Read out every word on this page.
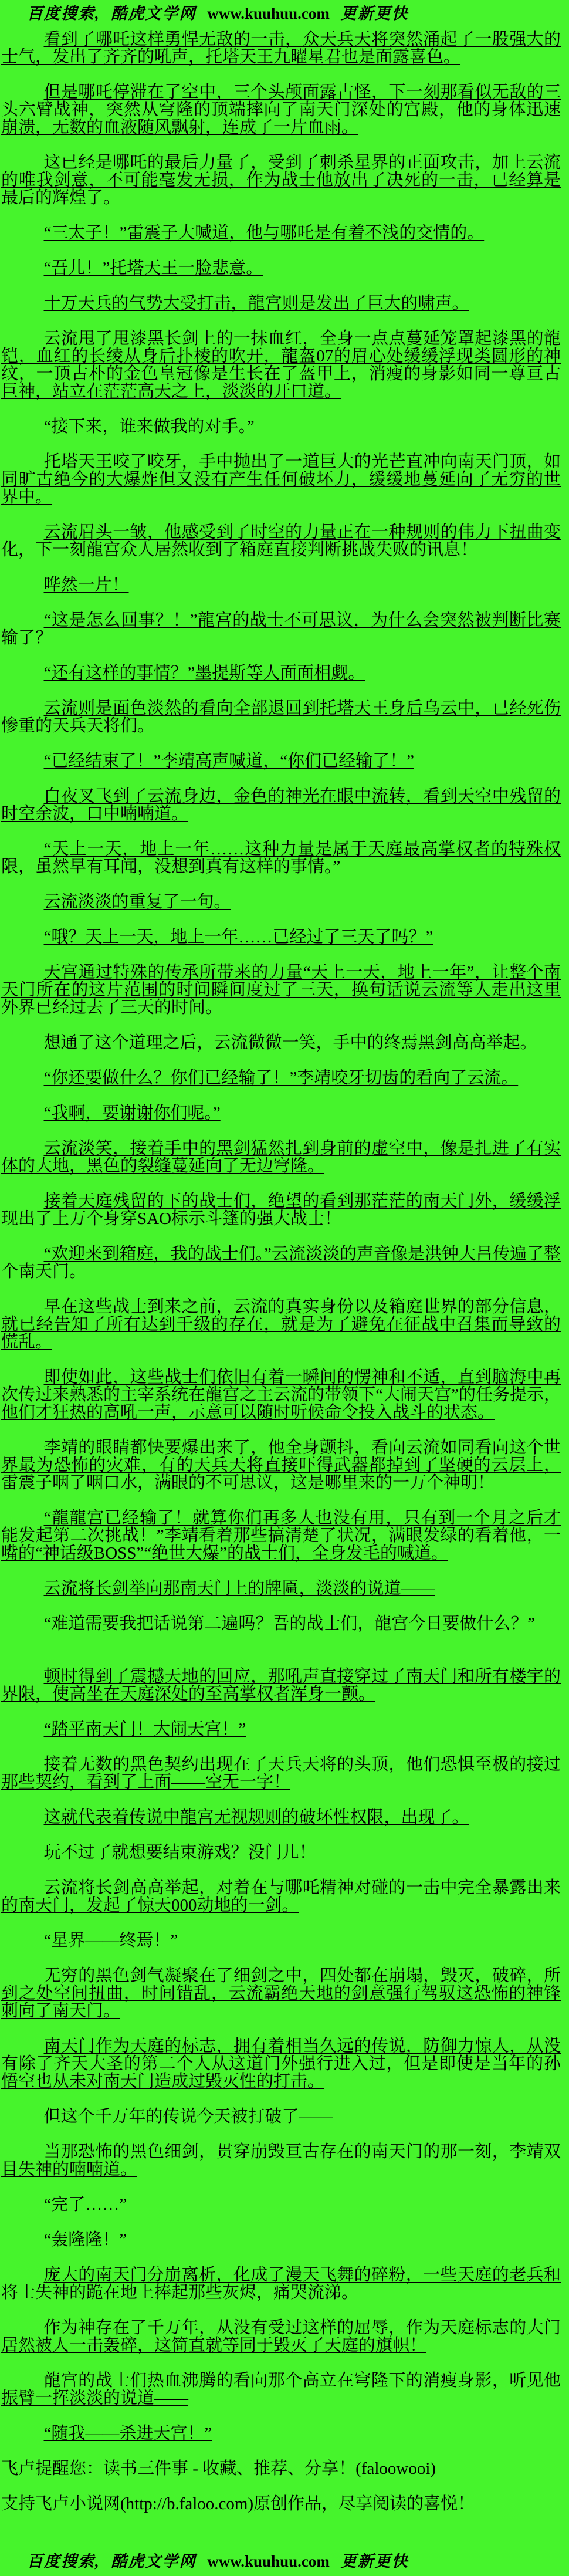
百度搜索, 酷虎文学网 www.kuuhuu.com 更新更快

看到了哪吒这样勇悍无敌的一击，众天兵天将突然涌起了一股强大的士气，发出了齐齐的吼声，托塔天王九曜星君也是面露喜色。

但是哪吒停滞在了空中，三个头颅面露古怪，下一刻那看似无敌的三头六臂战神，突然从穹隆的顶端摔向了南天门深处的宫殿，他的身体迅速崩溃，无数的血液随风飘射，连成了一片血雨。

这已经是哪吒的最后力量了，受到了刺杀星界的正面攻击，加上云流的唯我剑意，不可能毫发无损，作为战士他放出了决死的一击，已经算是最后的辉煌了。

“三太子！”雷震子大喊道，他与哪吒是有着不浅的交情的。

“吾儿！”托塔天王一脸悲意。

十万天兵的气势大受打击，龍宫则是发出了巨大的啸声。

云流甩了甩漆黑长剑上的一抹血红，全身一点点蔓延笼罩起漆黑的龍铠，血红的长绫从身后扑棱的吹开，龍盔07的眉心处缓缓浮现类圆形的神纹，一顶古朴的金色皇冠像是生长在了盔甲上，消瘦的身影如同一尊亘古巨神，站立在茫茫高天之上，淡淡的开口道。

“接下来，谁来做我的对手。”

托塔天王咬了咬牙，手中抛出了一道巨大的光芒直冲向南天门顶，如同旷古绝今的大爆炸但又没有产生任何破坏力，缓缓地蔓延向了无穷的世界中。

云流眉头一皱，他感受到了时空的力量正在一种规则的伟力下扭曲变化，下一刻龍宫众人居然收到了箱庭直接判断挑战失败的讯息！

哗然一片！

“这是怎么回事？！”龍宫的战士不可思议，为什么会突然被判断比赛输了？

“还有这样的事情？”墨提斯等人面面相觑。

云流则是面色淡然的看向全部退回到托塔天王身后乌云中，已经死伤惨重的天兵天将们。

“已经结束了！”李靖高声喊道，“你们已经输了！”

白夜叉飞到了云流身边，金色的神光在眼中流转，看到天空中残留的时空余波，口中喃喃道。

“天上一天，地上一年……这种力量是属于天庭最高掌权者的特殊权限，虽然早有耳闻，没想到真有这样的事情。”

云流淡淡的重复了一句。

“哦？天上一天，地上一年……已经过了三天了吗？”

天宫通过特殊的传承所带来的力量“天上一天，地上一年”，让整个南天门所在的这片范围的时间瞬间度过了三天，换句话说云流等人走出这里外界已经过去了三天的时间。

想通了这个道理之后，云流微微一笑，手中的终焉黑剑高高举起。

“你还要做什么？你们已经输了！”李靖咬牙切齿的看向了云流。

“我啊，要谢谢你们呢。”

云流淡笑，接着手中的黑剑猛然扎到身前的虚空中，像是扎进了有实体的大地，黑色的裂缝蔓延向了无边穹隆。

接着天庭残留的下的战士们，绝望的看到那茫茫的南天门外，缓缓浮现出了上万个身穿SAO标示斗篷的强大战士！

“欢迎来到箱庭，我的战士们。”云流淡淡的声音像是洪钟大吕传遍了整个南天门。

早在这些战士到来之前，云流的真实身份以及箱庭世界的部分信息，就已经告知了所有达到千级的存在，就是为了避免在征战中召集而导致的慌乱。

即使如此，这些战士们依旧有着一瞬间的愣神和不适，直到脑海中再次传过来熟悉的主宰系统在龍宫之主云流的带领下“大闹天宫”的任务提示，他们才狂热的高吼一声，示意可以随时听候命令投入战斗的状态。

李靖的眼睛都快要爆出来了，他全身颤抖，看向云流如同看向这个世界最为恐怖的灾难，有的天兵天将直接吓得武器都掉到了坚硬的云层上，雷震子咽了咽口水，满眼的不可思议，这是哪里来的一万个神明！

“龍龍宫已经输了！就算你们再多人也没有用，只有到一个月之后才能发起第二次挑战！”李靖看着那些搞清楚了状况，满眼发绿的看着他，一嘴的“神话级BOSS”“绝世大爆”的战士们，全身发毛的喊道。

云流将长剑举向那南天门上的牌匾，淡淡的说道——

“难道需要我把话说第二遍吗？吾的战士们，龍宫今日要做什么？”

顿时得到了震撼天地的回应，那吼声直接穿过了南天门和所有楼宇的界限，使高坐在天庭深处的至高掌权者浑身一颤。

“踏平南天门！大闹天宫！”

接着无数的黑色契约出现在了天兵天将的头顶，他们恐惧至极的接过那些契约，看到了上面——空无一字！

这就代表着传说中龍宫无视规则的破坏性权限，出现了。

玩不过了就想要结束游戏？没门儿！

云流将长剑高高举起，对着在与哪吒精神对碰的一击中完全暴露出来的南天门，发起了惊天000动地的一剑。

“星界——终焉！”

无穷的黑色剑气凝聚在了细剑之中，四处都在崩塌，毁灭，破碎，所到之处空间扭曲，时间错乱，云流霸绝天地的剑意强行驾驭这恐怖的神锋刺向了南天门。

南天门作为天庭的标志，拥有着相当久远的传说，防御力惊人，从没有除了齐天大圣的第二个人从这道门外强行进入过，但是即使是当年的孙悟空也从未对南天门造成过毁灭性的打击。

但这个千万年的传说今天被打破了——

当那恐怖的黑色细剑，贯穿崩毁亘古存在的南天门的那一刻，李靖双目失神的喃喃道。

“完了……”

“轰隆隆！”

庞大的南天门分崩离析，化成了漫天飞舞的碎粉，一些天庭的老兵和将士失神的跪在地上捧起那些灰烬，痛哭流涕。

作为神存在了千万年，从没有受过这样的屈辱，作为天庭标志的大门居然被人一击轰碎，这简直就等同于毁灭了天庭的旗帜！

龍宫的战士们热血沸腾的看向那个高立在穹隆下的消瘦身影，听见他振臂一挥淡淡的说道——

“随我——杀进天宫！”

飞卢提醒您：读书三件事 - 收藏、推荐、分享！(faloowooi)

支持飞卢小说网(http://b.faloo.com)原创作品，尽享阅读的喜悦！

百度搜索, 酷虎文学网 www.kuuhuu.com 更新更快
